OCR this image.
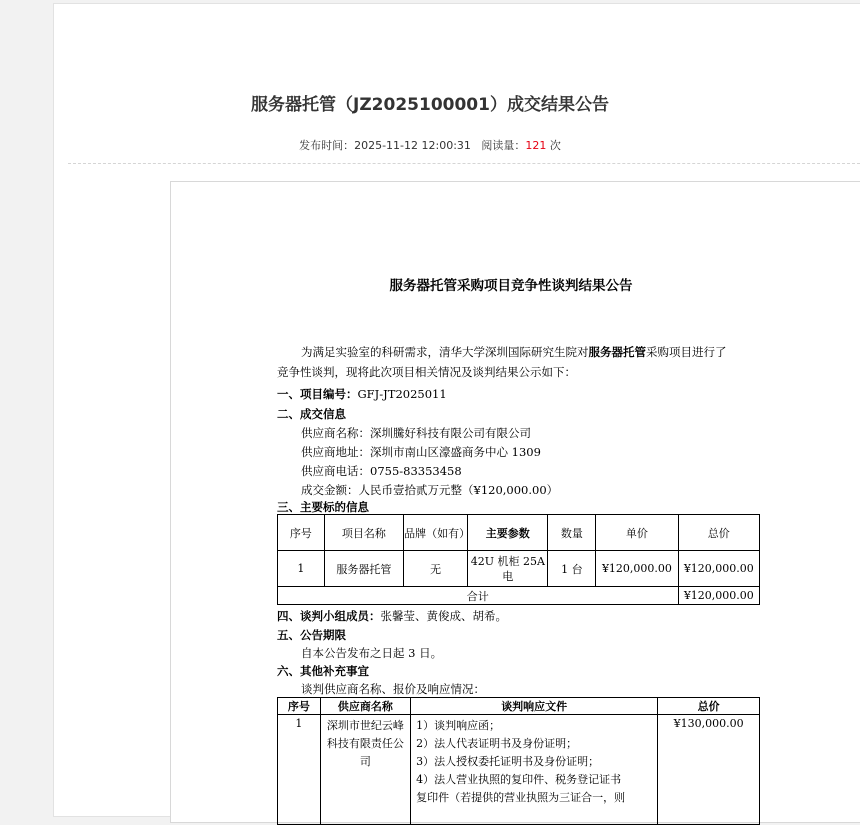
服务器托管（JZ2025100001）成交结果公告
发布时间：2025-11-12 12:00:31 阅读量：121 次
服务器托管采购项目竞争性谈判结果公告
为满足实验室的科研需求，清华大学深圳国际研究生院对服务器托管采购项目进行了
竞争性谈判，现将此次项目相关情况及谈判结果公示如下：
一、项目编号：GFJ-JT2025011
二、成交信息
供应商名称：深圳騰好科技有限公司有限公司
供应商地址：深圳市南山区濠盛商务中心 1309
供应商电话：0755-83353458
成交金额：人民币壹拾贰万元整（¥120,000.00）
三、主要标的信息
序号	项目名称	品牌（如有）	主要参数	数量	单价	总价
1	服务器托管	无	42U 机柜 25A 电	1 台	¥120,000.00	¥120,000.00
合计						¥120,000.00
四、谈判小组成员：张馨莹、黄俊成、胡希。
五、公告期限
自本公告发布之日起 3 日。
六、其他补充事宜
谈判供应商名称、报价及响应情况：
序号	供应商名称	谈判响应文件	总价
1	深圳市世纪云峰科技有限责任公司	1）谈判响应函；
2）法人代表证明书及身份证明；
3）法人授权委托证明书及身份证明；
4）法人营业执照的复印件、税务登记证书
复印件（若提供的营业执照为三证合一，则	¥130,000.00
